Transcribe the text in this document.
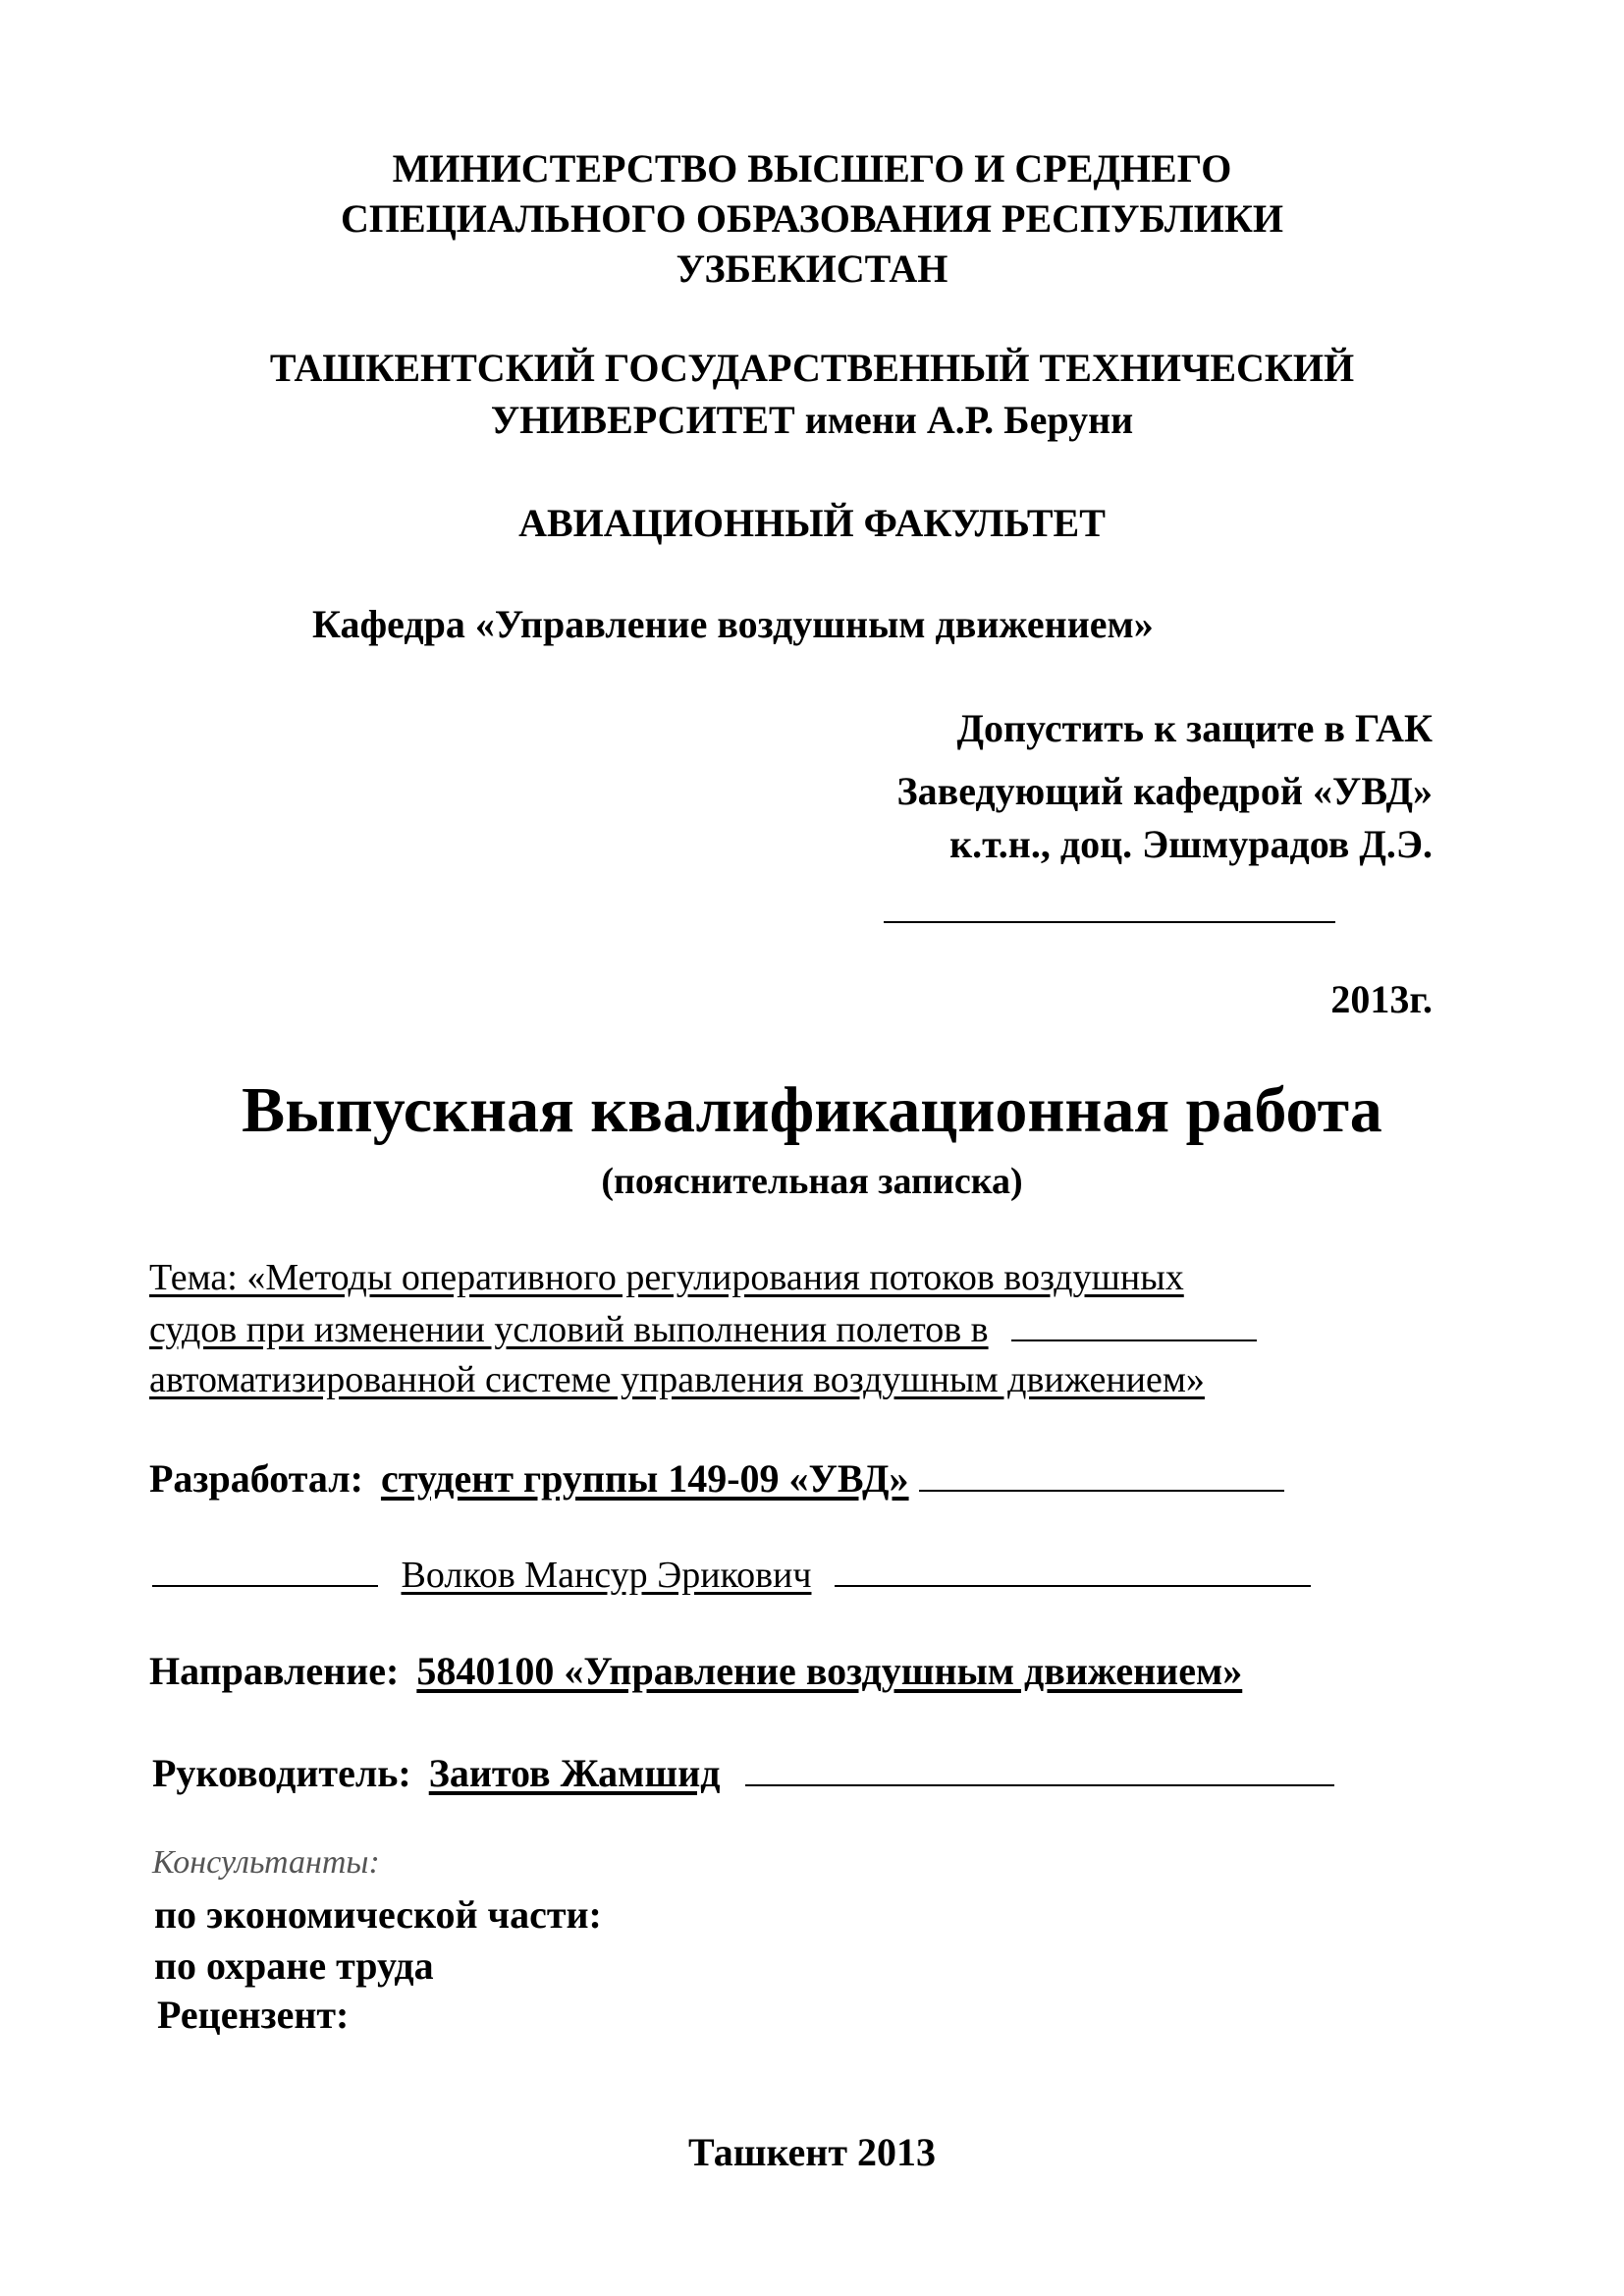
МИНИСТЕРСТВО ВЫСШЕГО И СРЕДНЕГО
СПЕЦИАЛЬНОГО ОБРАЗОВАНИЯ РЕСПУБЛИКИ
УЗБЕКИСТАН
ТАШКЕНТСКИЙ ГОСУДАРСТВЕННЫЙ ТЕХНИЧЕСКИЙ
УНИВЕРСИТЕТ имени А.Р. Беруни
АВИАЦИОННЫЙ ФАКУЛЬТЕТ
Кафедра «Управление воздушным движением»
Допустить к защите в ГАК
Заведующий кафедрой «УВД»
к.т.н., доц. Эшмурадов Д.Э.
2013г.
Выпускная квалификационная работа
(пояснительная записка)
Тема: «Методы оперативного регулирования потоков воздушных
судов при изменении условий выполнения полетов в
автоматизированной системе управления воздушным движением»
Разработал: студент группы 149-09 «УВД»
Волков Мансур Эрикович
Направление: 5840100 «Управление воздушным движением»
Руководитель: Заитов Жамшид
Консультанты:
по экономической части:
по охране труда
Рецензент:
Ташкент 2013
